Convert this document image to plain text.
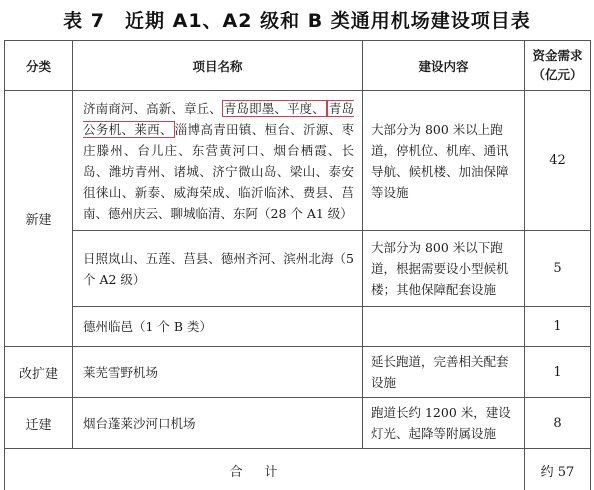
表 7　近期 A1、A2 级和 B 类通用机场建设项目表
分类	项目名称	建设内容	资金需求
（亿元）
新建	济南商河、高新、章丘、 青岛即墨、平度、 青岛公务机、莱西、 淄博高青田镇、桓台、沂源、枣庄滕州、台儿庄、东营黄河口、烟台栖霞、长岛、潍坊青州、诸城、济宁微山岛、梁山、泰安徂徕山、新泰、威海荣成、临沂临沭、费县、莒南、德州庆云、聊城临清、东阿（28 个 A1 级）	大部分为 800 米以上跑道，停机位、机库、通讯导航、候机楼、加油保障等设施	42
	日照岚山、五莲、莒县、德州齐河、滨州北海（5 个 A2 级）	大部分为 800 米以下跑道，根据需要设小型候机楼；其他保障配套设施	5
	德州临邑（1 个 B 类）		1
改扩建	莱芜雪野机场	延长跑道，完善相关配套设施	1
迁建	烟台蓬莱沙河口机场	跑道长约 1200 米，建设灯光、起降等附属设施	8
合计			约 57
